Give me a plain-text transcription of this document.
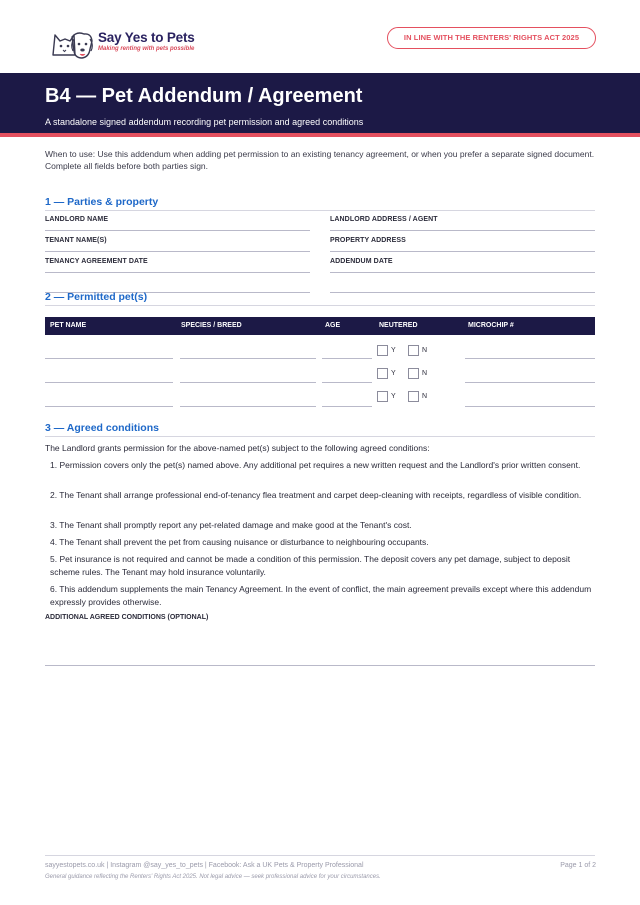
Say Yes to Pets
Making renting with pets possible
IN LINE WITH THE RENTERS' RIGHTS ACT 2025
B4 — Pet Addendum / Agreement
A standalone signed addendum recording pet permission and agreed conditions
When to use: Use this addendum when adding pet permission to an existing tenancy agreement, or when you prefer a separate signed document. Complete all fields before both parties sign.
1 — Parties & property
LANDLORD NAME	LANDLORD ADDRESS / AGENT
TENANT NAME(S)	PROPERTY ADDRESS
TENANCY AGREEMENT DATE	ADDENDUM DATE
2 — Permitted pet(s)
PET NAME	SPECIES / BREED	AGE	NEUTERED	MICROCHIP #
Y	N
Y	N
Y	N
3 — Agreed conditions
The Landlord grants permission for the above-named pet(s) subject to the following agreed conditions:
1. Permission covers only the pet(s) named above. Any additional pet requires a new written request and the Landlord's prior written consent.
2. The Tenant shall arrange professional end-of-tenancy flea treatment and carpet deep-cleaning with receipts, regardless of visible condition.
3. The Tenant shall promptly report any pet-related damage and make good at the Tenant's cost.
4. The Tenant shall prevent the pet from causing nuisance or disturbance to neighbouring occupants.
5. Pet insurance is not required and cannot be made a condition of this permission. The deposit covers any pet damage, subject to deposit scheme rules. The Tenant may hold insurance voluntarily.
6. This addendum supplements the main Tenancy Agreement. In the event of conflict, the main agreement prevails except where this addendum expressly provides otherwise.
ADDITIONAL AGREED CONDITIONS (OPTIONAL)
sayyestopets.co.uk | Instagram @say_yes_to_pets | Facebook: Ask a UK Pets & Property Professional	Page 1 of 2
General guidance reflecting the Renters' Rights Act 2025. Not legal advice — seek professional advice for your circumstances.
